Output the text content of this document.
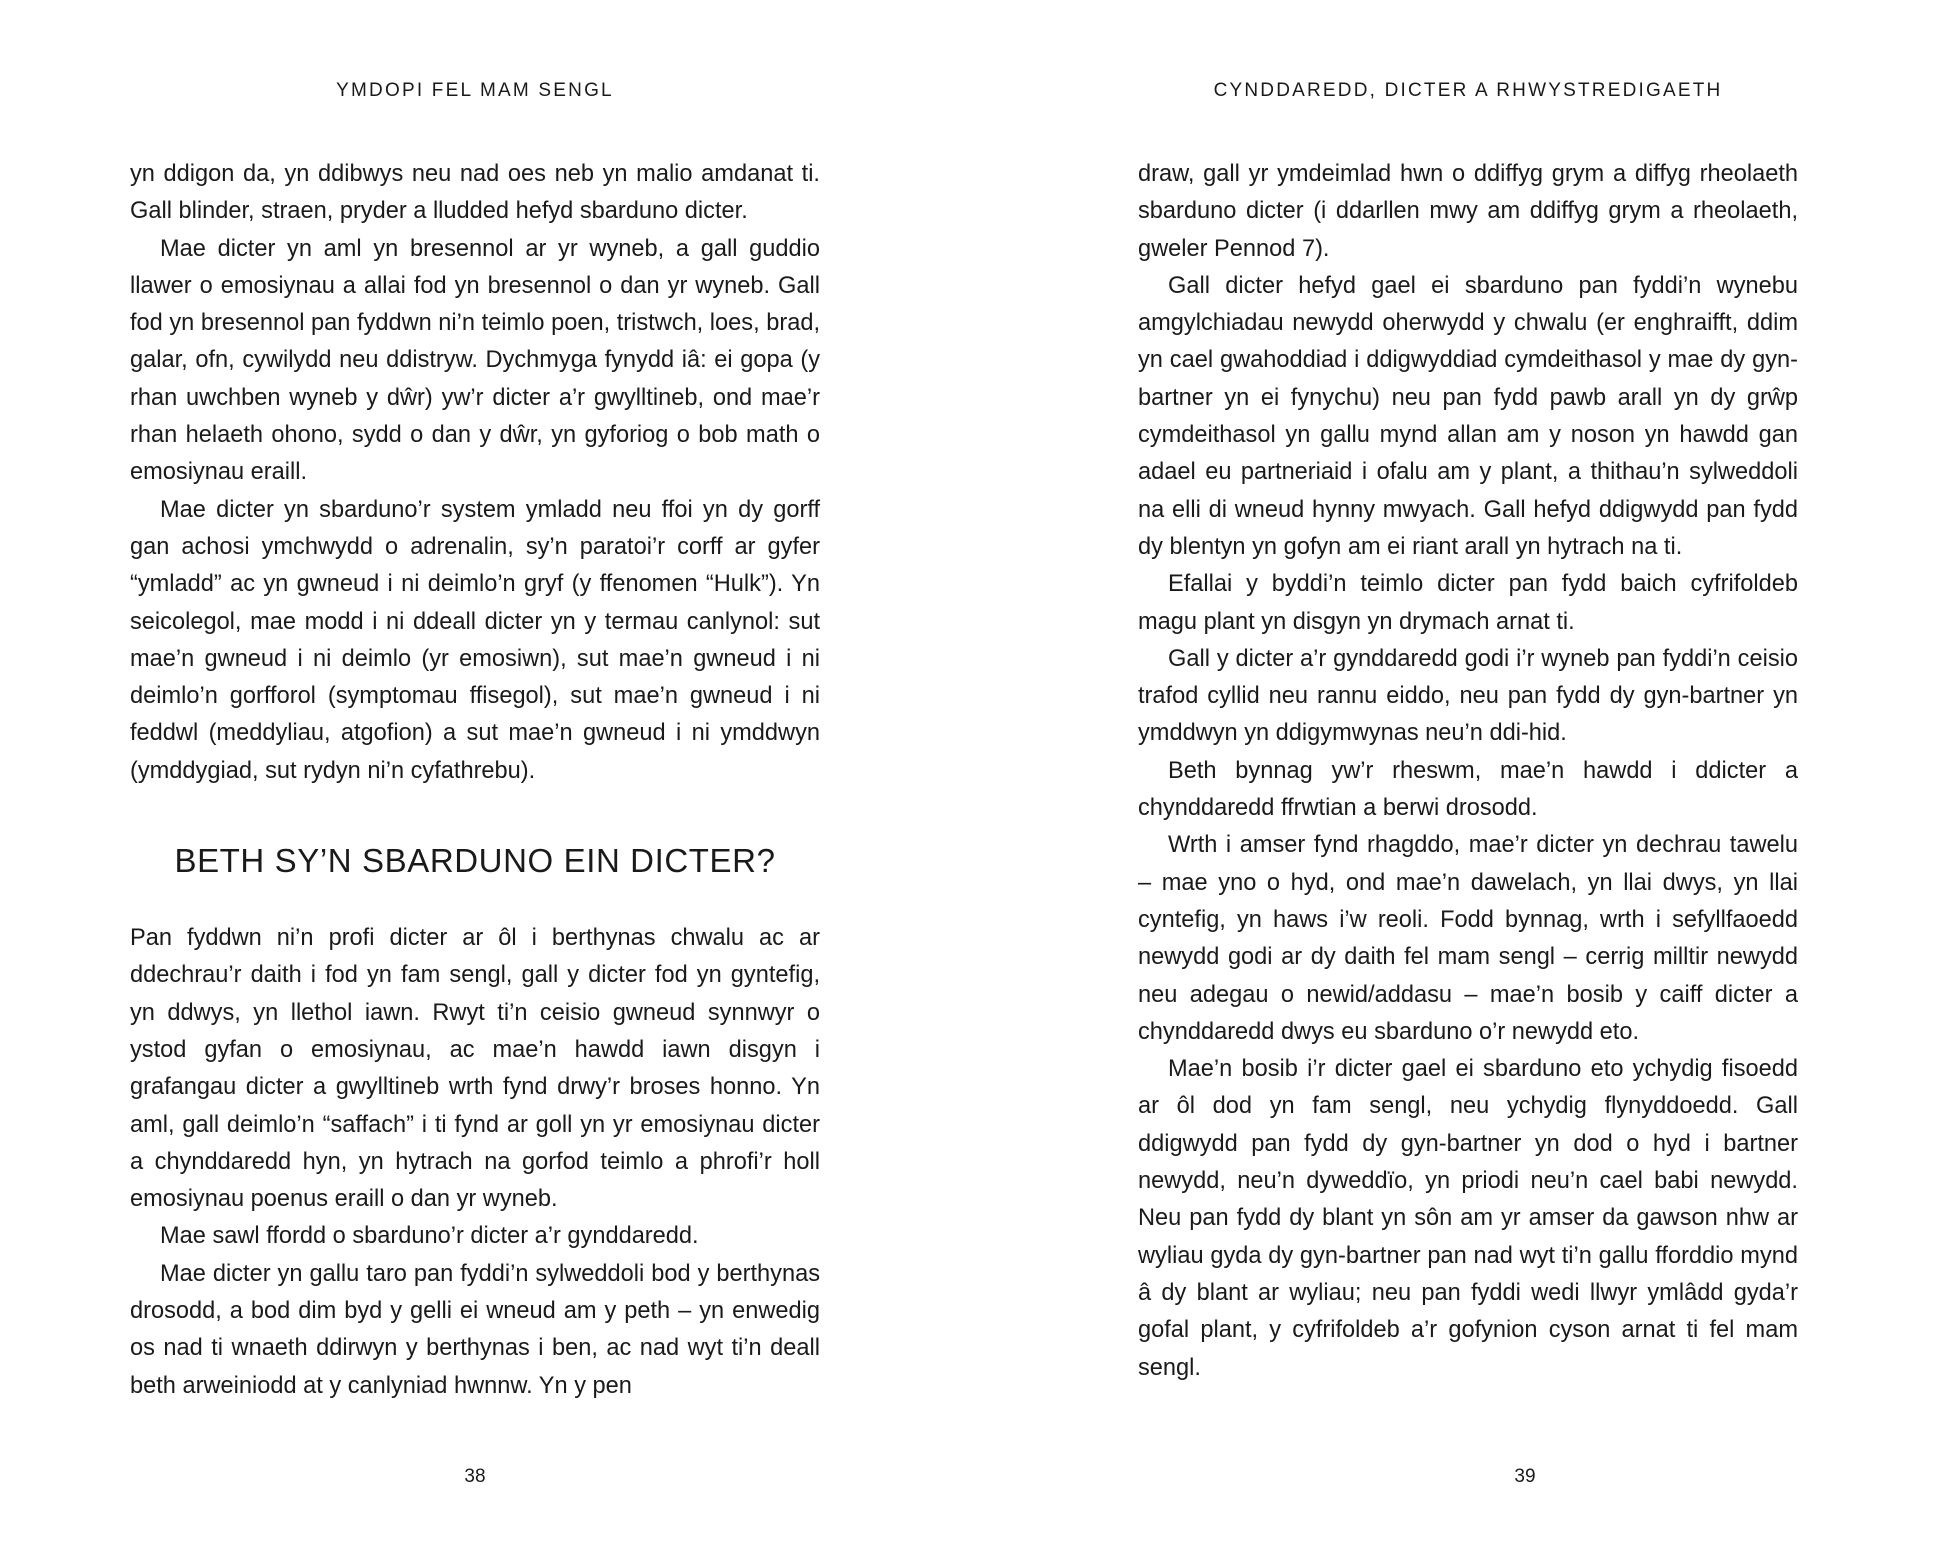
YMDOPI FEL MAM SENGL

yn ddigon da, yn ddibwys neu nad oes neb yn malio amdanat ti. Gall blinder, straen, pryder a lludded hefyd sbarduno dicter.

Mae dicter yn aml yn bresennol ar yr wyneb, a gall guddio llawer o emosiynau a allai fod yn bresennol o dan yr wyneb. Gall fod yn bresennol pan fyddwn ni’n teimlo poen, tristwch, loes, brad, galar, ofn, cywilydd neu ddistryw. Dychmyga fynydd iâ: ei gopa (y rhan uwchben wyneb y dŵr) yw’r dicter a’r gwylltineb, ond mae’r rhan helaeth ohono, sydd o dan y dŵr, yn gyforiog o bob math o emosiynau eraill.

Mae dicter yn sbarduno’r system ymladd neu ffoi yn dy gorff gan achosi ymchwydd o adrenalin, sy’n paratoi’r corff ar gyfer “ymladd” ac yn gwneud i ni deimlo’n gryf (y ffenomen “Hulk”). Yn seicolegol, mae modd i ni ddeall dicter yn y termau canlynol: sut mae’n gwneud i ni deimlo (yr emosiwn), sut mae’n gwneud i ni deimlo’n gorfforol (symptomau ffisegol), sut mae’n gwneud i ni feddwl (meddyliau, atgofion) a sut mae’n gwneud i ni ymddwyn (ymddygiad, sut rydyn ni’n cyfathrebu).

BETH SY’N SBARDUNO EIN DICTER?

Pan fyddwn ni’n profi dicter ar ôl i berthynas chwalu ac ar ddechrau’r daith i fod yn fam sengl, gall y dicter fod yn gyntefig, yn ddwys, yn llethol iawn. Rwyt ti’n ceisio gwneud synnwyr o ystod gyfan o emosiynau, ac mae’n hawdd iawn disgyn i grafangau dicter a gwylltineb wrth fynd drwy’r broses honno. Yn aml, gall deimlo’n “saffach” i ti fynd ar goll yn yr emosiynau dicter a chynddaredd hyn, yn hytrach na gorfod teimlo a phrofi’r holl emosiynau poenus eraill o dan yr wyneb.

Mae sawl ffordd o sbarduno’r dicter a’r gynddaredd.

Mae dicter yn gallu taro pan fyddi’n sylweddoli bod y berthynas drosodd, a bod dim byd y gelli ei wneud am y peth – yn enwedig os nad ti wnaeth ddirwyn y berthynas i ben, ac nad wyt ti’n deall beth arweiniodd at y canlyniad hwnnw. Yn y pen

38
CYNDDAREDD, DICTER A RHWYSTREDIGAETH

draw, gall yr ymdeimlad hwn o ddiffyg grym a diffyg rheolaeth sbarduno dicter (i ddarllen mwy am ddiffyg grym a rheolaeth, gweler Pennod 7).

Gall dicter hefyd gael ei sbarduno pan fyddi’n wynebu amgylchiadau newydd oherwydd y chwalu (er enghraifft, ddim yn cael gwahoddiad i ddigwyddiad cymdeithasol y mae dy gyn-bartner yn ei fynychu) neu pan fydd pawb arall yn dy grŵp cymdeithasol yn gallu mynd allan am y noson yn hawdd gan adael eu partneriaid i ofalu am y plant, a thithau’n sylweddoli na elli di wneud hynny mwyach. Gall hefyd ddigwydd pan fydd dy blentyn yn gofyn am ei riant arall yn hytrach na ti.

Efallai y byddi’n teimlo dicter pan fydd baich cyfrifoldeb magu plant yn disgyn yn drymach arnat ti.

Gall y dicter a’r gynddaredd godi i’r wyneb pan fyddi’n ceisio trafod cyllid neu rannu eiddo, neu pan fydd dy gyn-bartner yn ymddwyn yn ddigymwynas neu’n ddi-hid.

Beth bynnag yw’r rheswm, mae’n hawdd i ddicter a chynddaredd ffrwtian a berwi drosodd.

Wrth i amser fynd rhagddo, mae’r dicter yn dechrau tawelu – mae yno o hyd, ond mae’n dawelach, yn llai dwys, yn llai cyntefig, yn haws i’w reoli. Fodd bynnag, wrth i sefyllfaoedd newydd godi ar dy daith fel mam sengl – cerrig milltir newydd neu adegau o newid/addasu – mae’n bosib y caiff dicter a chynddaredd dwys eu sbarduno o’r newydd eto.

Mae’n bosib i’r dicter gael ei sbarduno eto ychydig fisoedd ar ôl dod yn fam sengl, neu ychydig flynyddoedd. Gall ddigwydd pan fydd dy gyn-bartner yn dod o hyd i bartner newydd, neu’n dyweddïo, yn priodi neu’n cael babi newydd. Neu pan fydd dy blant yn sôn am yr amser da gawson nhw ar wyliau gyda dy gyn-bartner pan nad wyt ti’n gallu fforddio mynd â dy blant ar wyliau; neu pan fyddi wedi llwyr ymlâdd gyda’r gofal plant, y cyfrifoldeb a’r gofynion cyson arnat ti fel mam sengl.

39
